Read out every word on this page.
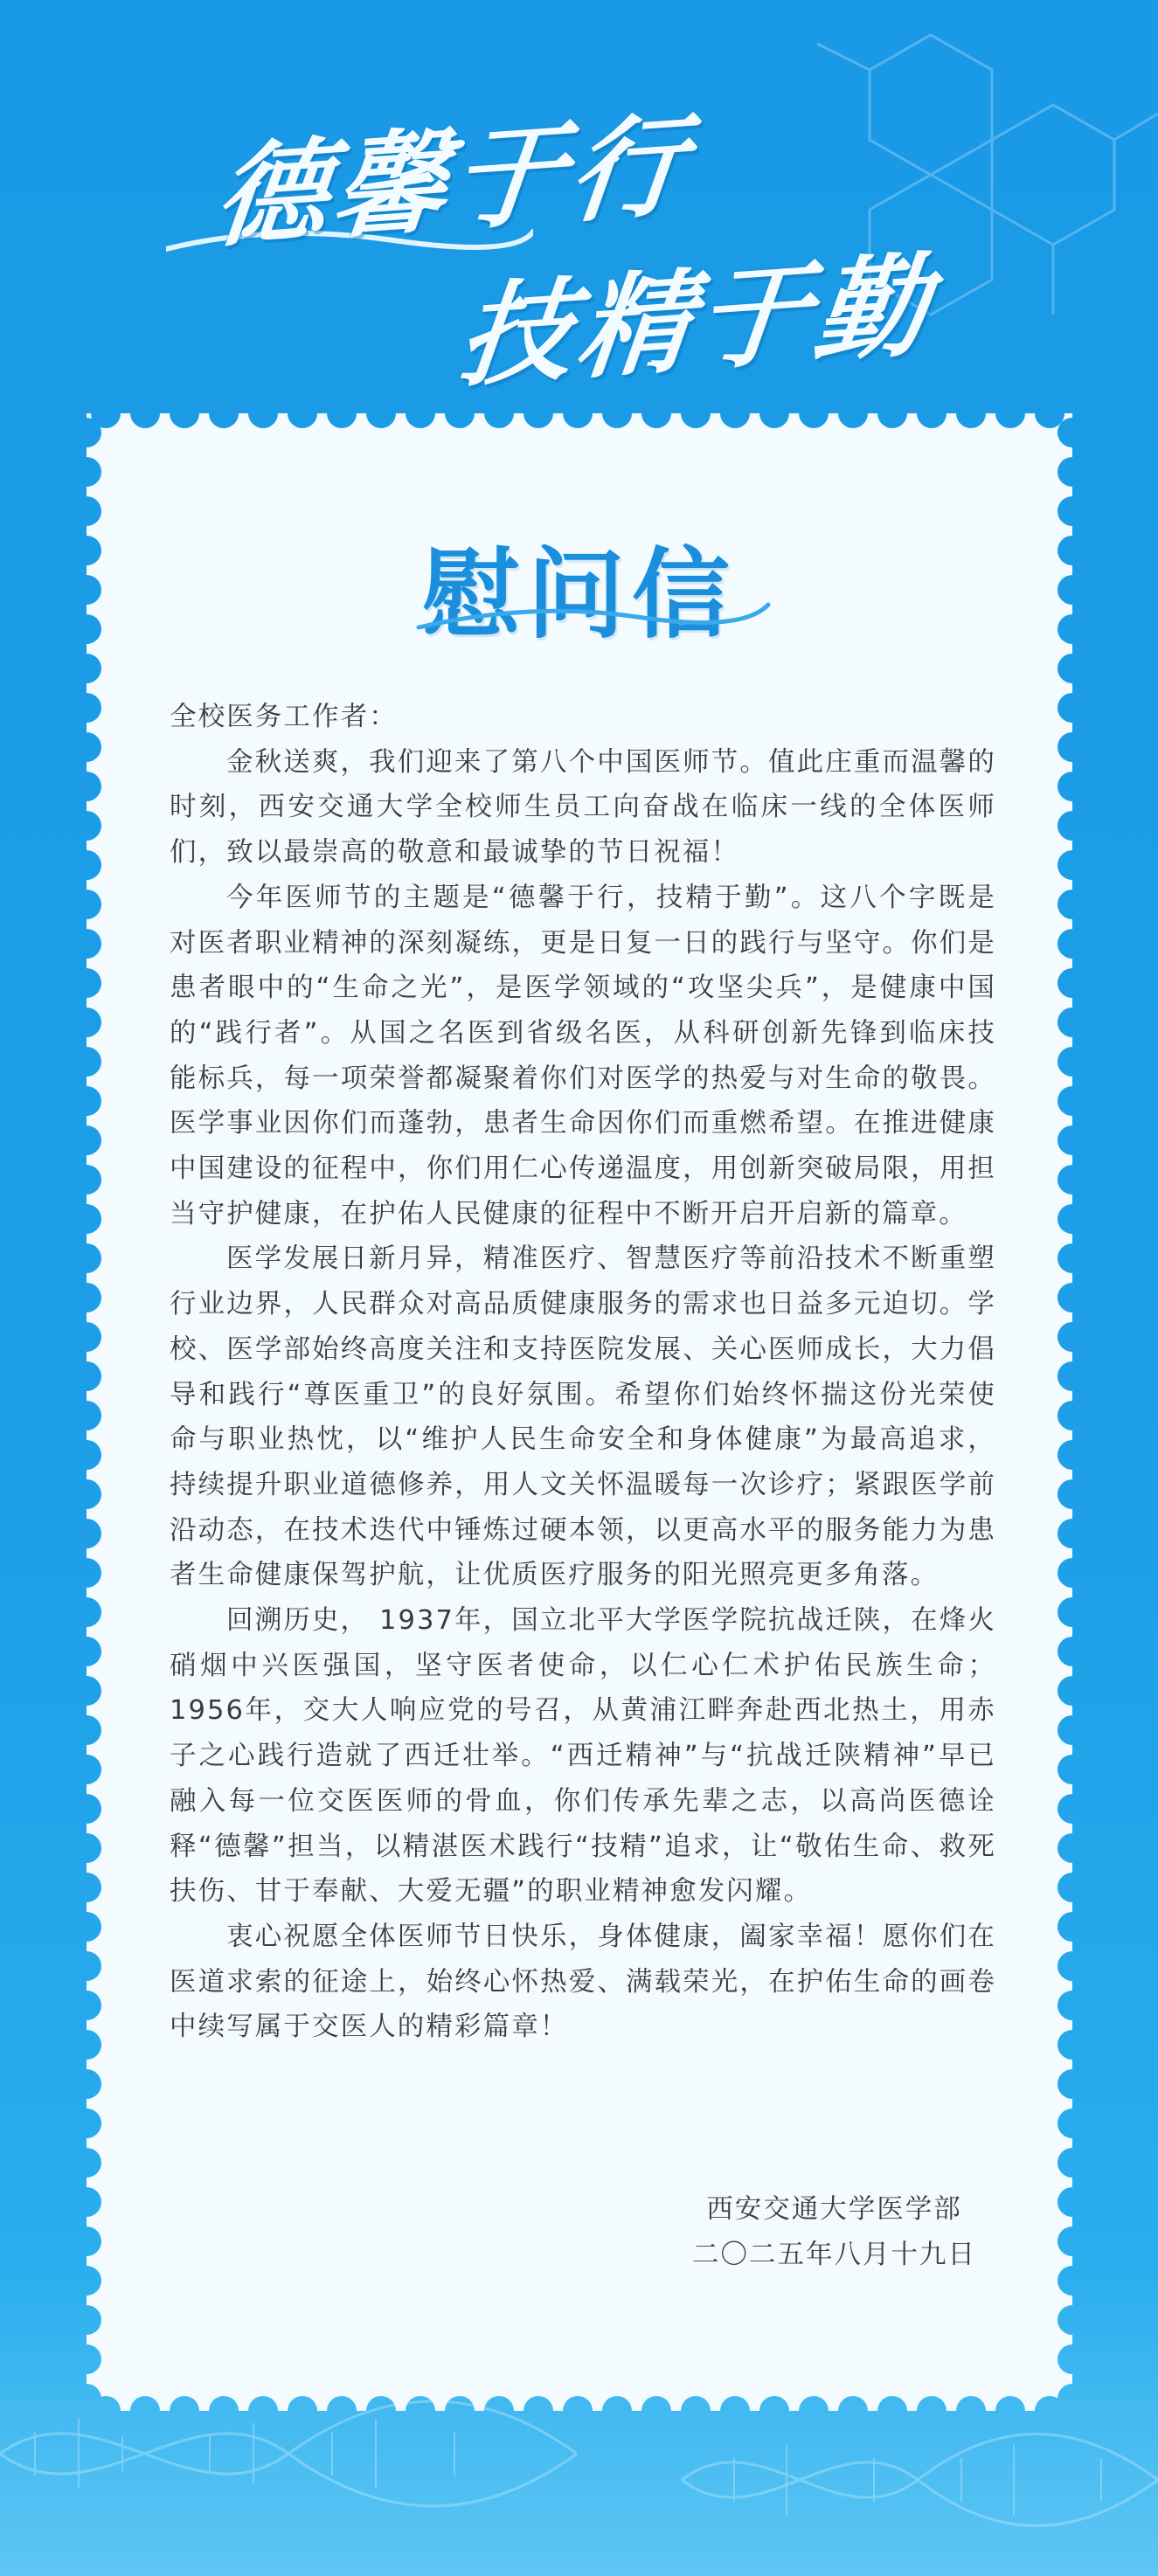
德馨于行
技精于勤
慰问信

全校医务工作者：

金秋送爽，我们迎来了第八个中国医师节。值此庄重而温馨的时刻，西安交通大学全校师生员工向奋战在临床一线的全体医师们，致以最崇高的敬意和最诚挚的节日祝福！

今年医师节的主题是“德馨于行，技精于勤”。这八个字既是对医者职业精神的深刻凝练，更是日复一日的践行与坚守。你们是患者眼中的“生命之光”，是医学领域的“攻坚尖兵”，是健康中国的“践行者”。从国之名医到省级名医，从科研创新先锋到临床技能标兵，每一项荣誉都凝聚着你们对医学的热爱与对生命的敬畏。医学事业因你们而蓬勃，患者生命因你们而重燃希望。在推进健康中国建设的征程中，你们用仁心传递温度，用创新突破局限，用担当守护健康，在护佑人民健康的征程中不断开启开启新的篇章。

医学发展日新月异，精准医疗、智慧医疗等前沿技术不断重塑行业边界，人民群众对高品质健康服务的需求也日益多元迫切。学校、医学部始终高度关注和支持医院发展、关心医师成长，大力倡导和践行“尊医重卫”的良好氛围。希望你们始终怀揣这份光荣使命与职业热忱，以“维护人民生命安全和身体健康”为最高追求，持续提升职业道德修养，用人文关怀温暖每一次诊疗；紧跟医学前沿动态，在技术迭代中锤炼过硬本领，以更高水平的服务能力为患者生命健康保驾护航，让优质医疗服务的阳光照亮更多角落。

回溯历史， 1937年，国立北平大学医学院抗战迁陕，在烽火硝烟中兴医强国，坚守医者使命，以仁心仁术护佑民族生命；1956年，交大人响应党的号召，从黄浦江畔奔赴西北热土，用赤子之心践行造就了西迁壮举。“西迁精神”与“抗战迁陕精神”早已融入每一位交医医师的骨血，你们传承先辈之志，以高尚医德诠释“德馨”担当，以精湛医术践行“技精”追求，让“敬佑生命、救死扶伤、甘于奉献、大爱无疆”的职业精神愈发闪耀。

衷心祝愿全体医师节日快乐，身体健康，阖家幸福！愿你们在医道求索的征途上，始终心怀热爱、满载荣光，在护佑生命的画卷中续写属于交医人的精彩篇章！

西安交通大学医学部
二〇二五年八月十九日
